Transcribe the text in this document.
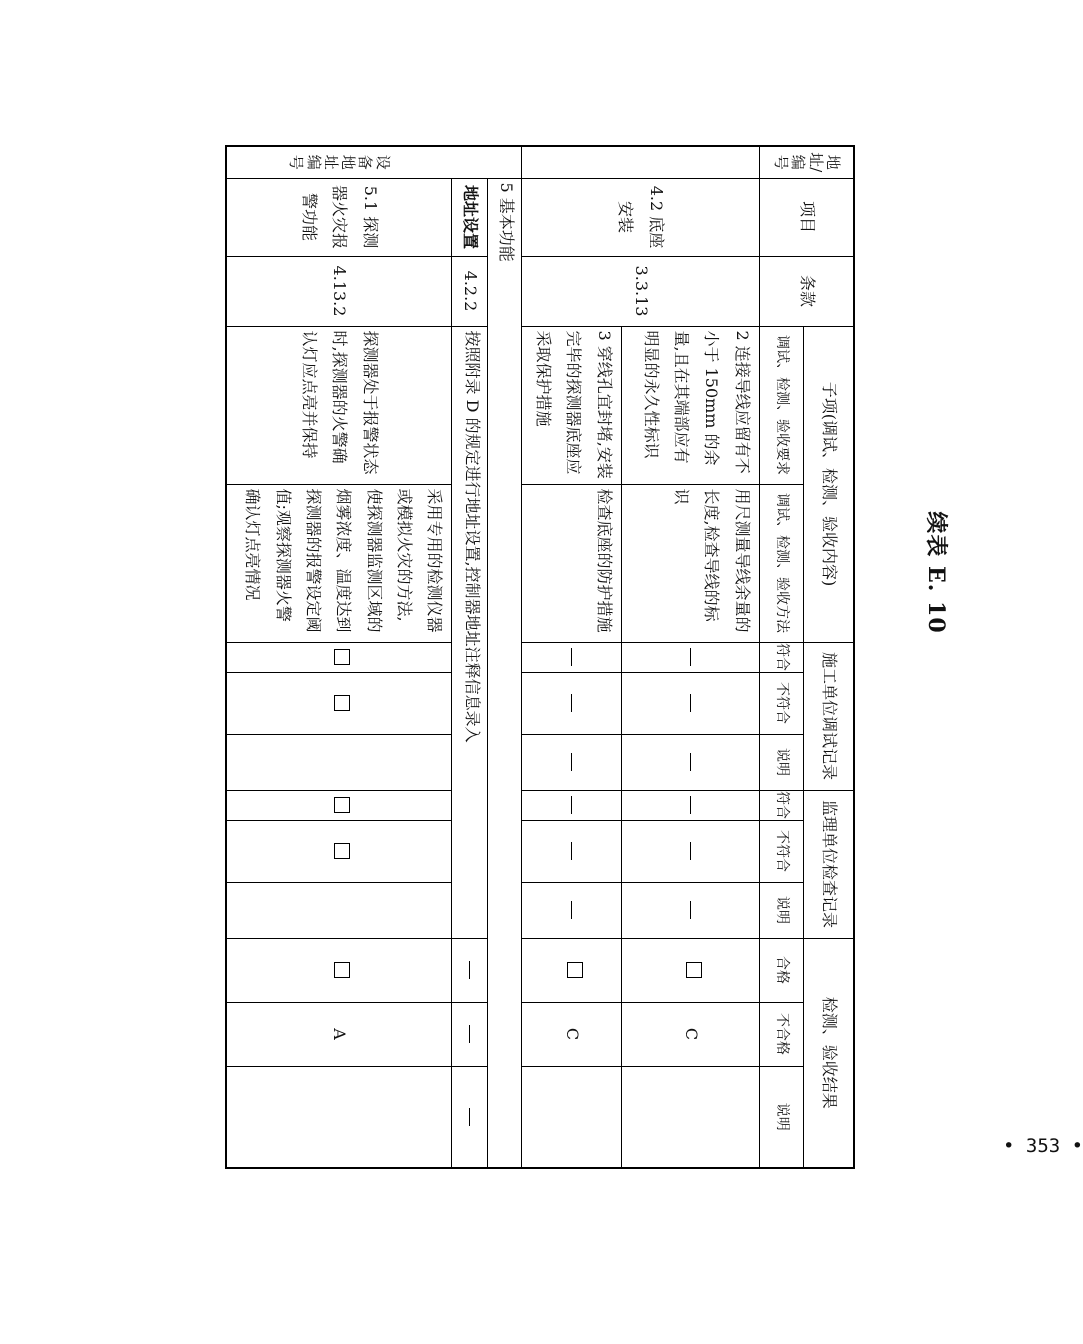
续表 E. 10
地址/编号	项目	条款	子项(调试、检测、验收内容)		施工单位调试记录			监理单位检查记录			检测、验收结果		
			调试、检测、验收要求	调试、检测、验收方法	符合	不符合	说明	符合	不符合	说明	合格	不合格	说明
	4.2 底座安装	3.3.13	2 连接导线应留有不小于 150mm 的余量,且在其端部应有明显的永久性标识	用尺测量导线余量的长度,检查导线的标识								C	
			3 穿线孔宜封堵,安装完毕的探测器底座应采取保护措施	检查底座的防护措施								C	

设备地址编号	5 基本功能												
	地址设置	4.2.2	按照附录 D 的规定进行地址设置,控制器地址注释信息录入										
	5.1 探测器火灾报警功能	4.13.2	探测器处于报警状态时,探测器的火警确认灯应点亮并保持	采用专用的检测仪器或模拟火灾的方法,使探测器监测区域的烟雾浓度、温度达到探测器的报警设定阈值;观察探测器火警确认灯点亮情况								A	
• 353 •
